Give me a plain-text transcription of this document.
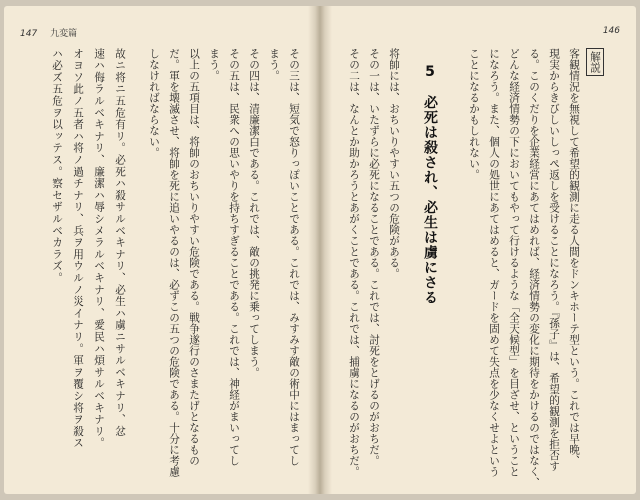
147 九変篇
その三は、短気で怒りっぽいことである。これでは、みすみす敵の術中にはまってし
まう。
その四は、清廉潔白である。これでは、敵の挑発に乗ってしまう。
その五は、民衆への思いやりを持ちすぎることである。これでは、神経がまいってし
まう。
以上の五項目は、将帥のおちいりやすい危険である。戦争遂行のさまたげとなるもの
だ。軍を壊滅させ、将帥を死に追いやるのは、必ずこの五つの危険である。十分に考慮
しなければならない。
故ニ将ニ五危有リ。必死ハ殺サルベキナリ、必生ハ虜ニサルベキナリ、忿
速ハ侮ラルベキナリ、廉潔ハ辱シメラルベキナリ、愛民ハ煩サルベキナリ。
オヨソ此ノ五者ハ将ノ過チナリ、兵ヲ用ウルノ災イナリ。軍ヲ覆シ将ヲ殺ス
ハ必ズ五危ヲ以ッテス。察セザルベカラズ。
146
解説
客観情況を無視して希望的観測に走る人間をドンキホーテ型という。これでは早晩、
現実からきびしいしっぺ返しを受けることになろう。『孫子』は、希望的観測を拒否す
る。このくだりを企業経営にあてはめれば、経済情勢の変化に期待をかけるのではなく、
どんな経済情勢の下においてもやって行けるような「全天候型」を目ざせ、ということ
になろう。また、個人の処世にあてはめると、ガードを固めて失点を少なくせよという
ことになるかもしれない。
5必死は殺され、必生は虜にさる
将帥には、おちいりやすい五つの危険がある。
その一は、いたずらに必死になることである。これでは、討死をとげるのがおちだ。
その二は、なんとか助かろうとあがくことである。これでは、捕虜になるのがおちだ。
